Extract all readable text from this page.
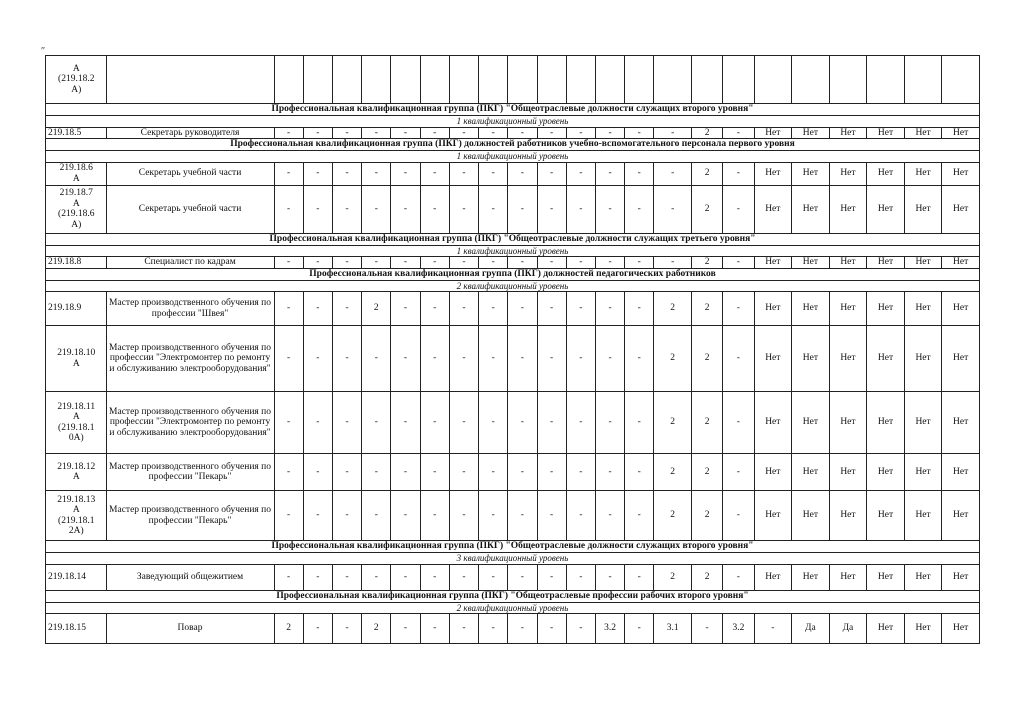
″
А
(219.18.2
А)																							
Профессиональная квалификационная группа (ПКГ) "Общеотраслевые должности служащих второго уровня"																							
1 квалификационный уровень																							
219.18.5	Секретарь руководителя	-	-	-	-	-	-	-	-	-	-	-	-	-	-	2	-	Нет	Нет	Нет	Нет	Нет	Нет
Профессиональная квалификационная группа (ПКГ) должностей работников учебно-вспомогательного персонала первого уровня																							
1 квалификационный уровень																							
219.18.6
А	Секретарь учебной части	-	-	-	-	-	-	-	-	-	-	-	-	-	-	2	-	Нет	Нет	Нет	Нет	Нет	Нет
219.18.7
А
(219.18.6
А)	Секретарь учебной части	-	-	-	-	-	-	-	-	-	-	-	-	-	-	2	-	Нет	Нет	Нет	Нет	Нет	Нет
Профессиональная квалификационная группа (ПКГ) "Общеотраслевые должности служащих третьего уровня"																							
1 квалификационный уровень																							
219.18.8	Специалист по кадрам	-	-	-	-	-	-	-	-	-	-	-	-	-	-	2	-	Нет	Нет	Нет	Нет	Нет	Нет
Профессиональная квалификационная группа (ПКГ) должностей педагогических работников																							
2 квалификационный уровень																							
219.18.9	Мастер производственного обучения по профессии "Швея"	-	-	-	2	-	-	-	-	-	-	-	-	-	2	2	-	Нет	Нет	Нет	Нет	Нет	Нет
219.18.10
А	Мастер производственного обучения по профессии "Электромонтер по ремонту и обслуживанию электрооборудования"	-	-	-	-	-	-	-	-	-	-	-	-	-	2	2	-	Нет	Нет	Нет	Нет	Нет	Нет
219.18.11
А
(219.18.1
0А)	Мастер производственного обучения по профессии "Электромонтер по ремонту и обслуживанию электрооборудования"	-	-	-	-	-	-	-	-	-	-	-	-	-	2	2	-	Нет	Нет	Нет	Нет	Нет	Нет
219.18.12
А	Мастер производственного обучения по профессии "Пекарь"	-	-	-	-	-	-	-	-	-	-	-	-	-	2	2	-	Нет	Нет	Нет	Нет	Нет	Нет
219.18.13
А
(219.18.1
2А)	Мастер производственного обучения по профессии "Пекарь"	-	-	-	-	-	-	-	-	-	-	-	-	-	2	2	-	Нет	Нет	Нет	Нет	Нет	Нет
Профессиональная квалификационная группа (ПКГ) "Общеотраслевые должности служащих второго уровня"																							
3 квалификационный уровень																							
219.18.14	Заведующий общежитием	-	-	-	-	-	-	-	-	-	-	-	-	-	2	2	-	Нет	Нет	Нет	Нет	Нет	Нет
Профессиональная квалификационная группа (ПКГ) "Общеотраслевые профессии рабочих второго уровня"																							
2 квалификационный уровень																							
219.18.15	Повар	2	-	-	2	-	-	-	-	-	-	-	3.2	-	3.1	-	3.2	-	Да	Да	Нет	Нет	Нет
